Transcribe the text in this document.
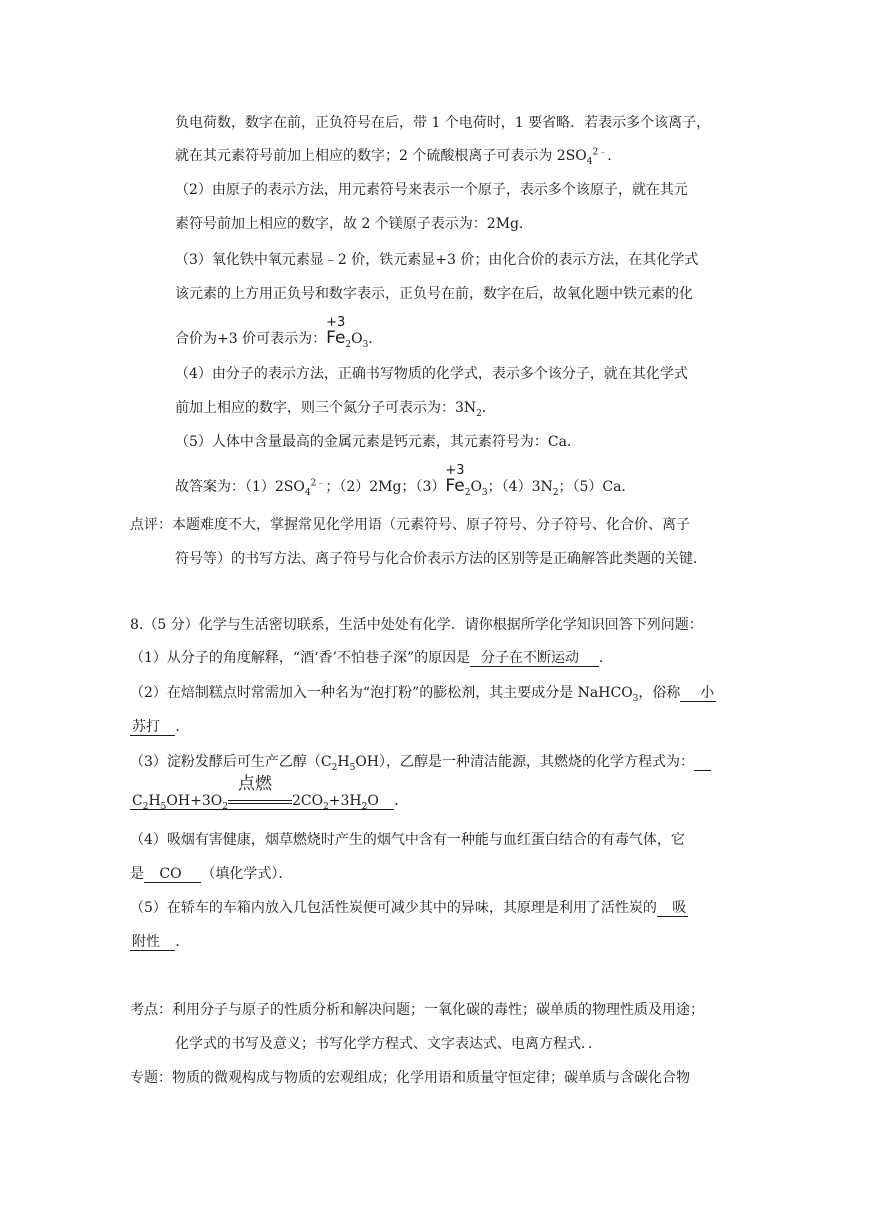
负电荷数，数字在前，正负符号在后，带 1 个电荷时，1 要省略．若表示多个该离子，
就在其元素符号前加上相应的数字；2 个硫酸根离子可表示为 $2SO_4^{2﹣}$.
（2）由原子的表示方法，用元素符号来表示一个原子，表示多个该原子，就在其元
素符号前加上相应的数字，故 2 个镁原子表示为：2Mg．
（3）氧化铁中氧元素显﹣2 价，铁元素显+3 价；由化合价的表示方法，在其化学式
该元素的上方用正负号和数字表示，正负号在前，数字在后，故氧化题中铁元素的化
合价为+3 价可表示为：
+3
$Fe_2O_3$．
（4）由分子的表示方法，正确书写物质的化学式，表示多个该分子，就在其化学式
前加上相应的数字，则三个氮分子可表示为：$3N_2$．
（5）人体中含量最高的金属元素是钙元素，其元素符号为：Ca．
故答案为：$(1)2SO_4^{2﹣}$；（2）2Mg；（3）
+3
$Fe_2O_3$；$(4)3N_2$；（5）Ca．
点评：本题难度不大，掌握常见化学用语（元素符号、原子符号、分子符号、化合价、离子
符号等）的书写方法、离子符号与化合价表示方法的区别等是正确解答此类题的关键．
8.（5 分）化学与生活密切联系，生活中处处有化学．请你根据所学化学知识回答下列问题：
（1）从分子的角度解释，“酒‘香’不怕巷子深”的原因是 分子在不断运动 ．
（2）在焙制糕点时常需加入一种名为“泡打粉”的膨松剂，其主要成分是 NaHCO$_3$，俗称 小
苏打 ．
（3）淀粉发酵后可生产乙醇$(C_2H_5OH)$，乙醇是一种清洁能源，其燃烧的化学方程式为：
$C_2H_5OH+3O_2$
点燃
$2CO_2+3H_2O$ ．
（4）吸烟有害健康，烟草燃烧时产生的烟气中含有一种能与血红蛋白结合的有毒气体，它
是 CO （填化学式）．
（5）在轿车的车箱内放入几包活性炭便可减少其中的异味，其原理是利用了活性炭的 吸
附性 ．
考点：利用分子与原子的性质分析和解决问题；一氧化碳的毒性；碳单质的物理性质及用途；
化学式的书写及意义；书写化学方程式、文字表达式、电离方程式．．
专题：物质的微观构成与物质的宏观组成；化学用语和质量守恒定律；碳单质与含碳化合物
